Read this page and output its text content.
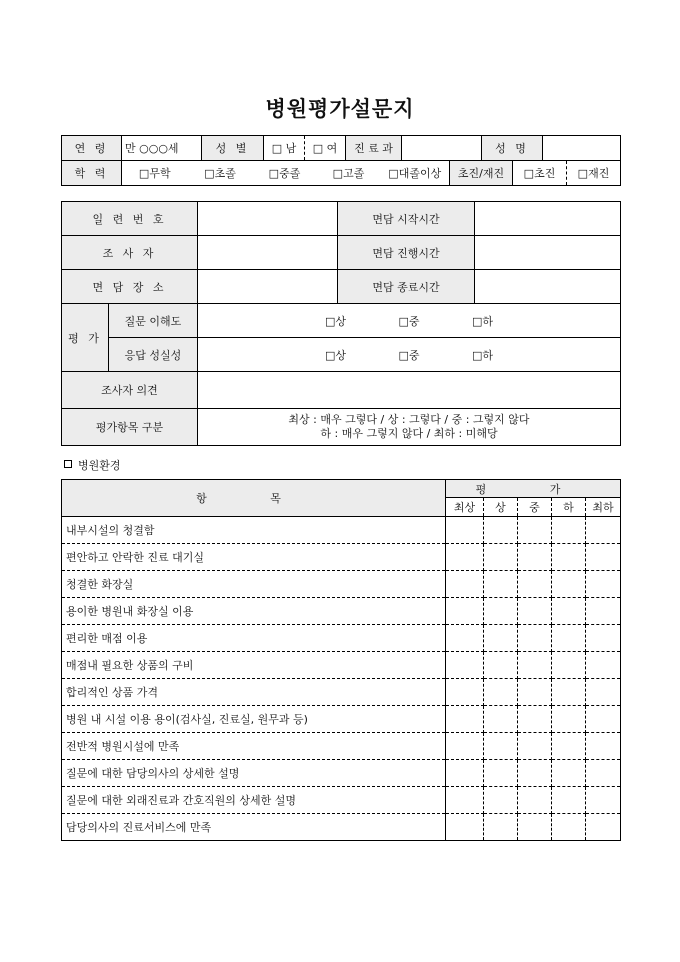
병원평가설문지
연 령	만 ○○○세	성 별	□ 남	□ 여	진 료 과		성 명	
학 력	□무학	□초졸	□중졸	□고졸	□대졸이상	초진/재진	□초진	□재진
일 련 번 호			면담 시작시간	
조 사 자			면담 진행시간	
면 담 장 소			면담 종료시간	
평 가	질문 이해도	□상 □중 □하		
	응답 성실성	□상 □중 □하		
조사자 의견				
평가항목 구분		최상 : 매우 그렇다 / 상 : 그렇다 / 중 : 그렇지 않다
하 : 매우 그렇지 않다 / 최하 : 미해당		
병원환경
항 목	평 가				
	최상	상	중	하	최하
내부시설의 청결함					
편안하고 안락한 진료 대기실					
청결한 화장실					
용이한 병원내 화장실 이용					
편리한 매점 이용					
매점내 필요한 상품의 구비					
합리적인 상품 가격					
병원 내 시설 이용 용이(검사실, 진료실, 원무과 등)					
전반적 병원시설에 만족					
질문에 대한 담당의사의 상세한 설명					
질문에 대한 외래진료과 간호직원의 상세한 설명					
담당의사의 진료서비스에 만족					
